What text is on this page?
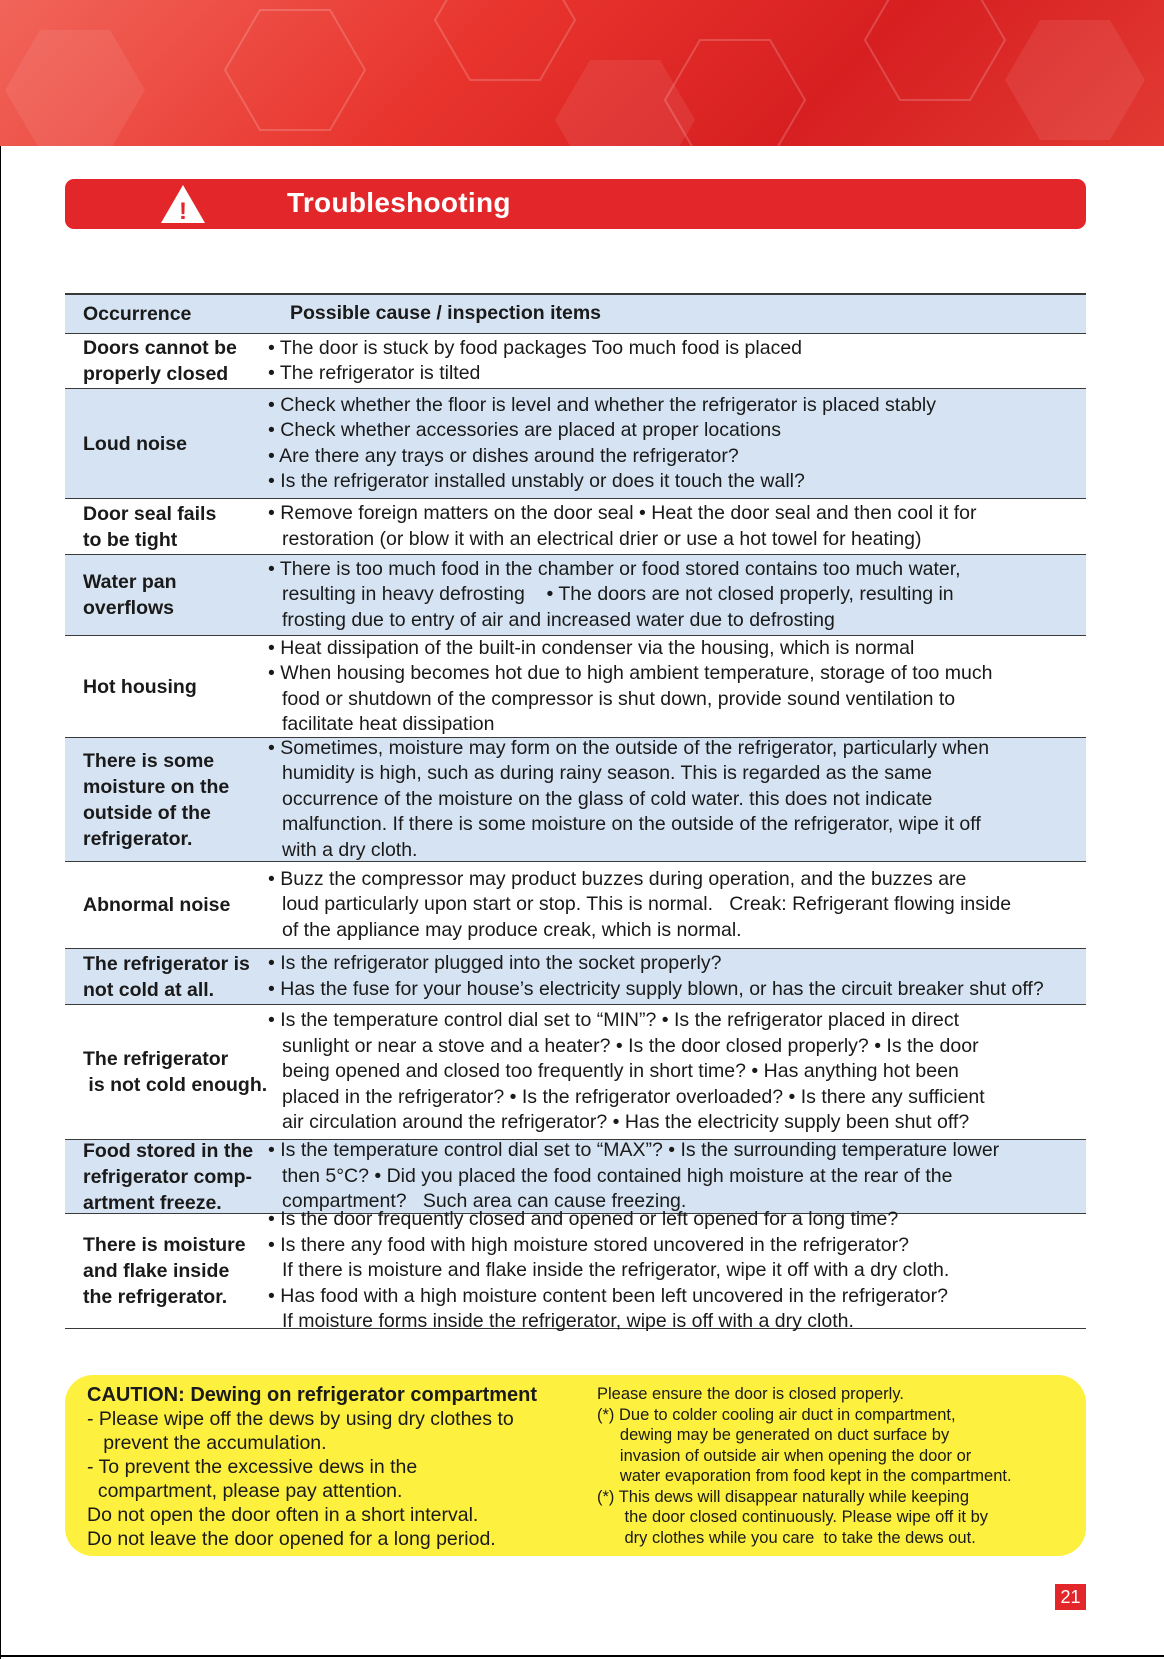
!	Troubleshooting
Occurrence	Possible cause / inspection items
Doors cannot be
properly closed
• The door is stuck by food packages Too much food is placed
• The refrigerator is tilted
Loud noise
• Check whether the floor is level and whether the refrigerator is placed stably
• Check whether accessories are placed at proper locations
• Are there any trays or dishes around the refrigerator?
• Is the refrigerator installed unstably or does it touch the wall?
Door seal fails
to be tight
• Remove foreign matters on the door seal • Heat the door seal and then cool it for
restoration (or blow it with an electrical drier or use a hot towel for heating)
Water pan
overflows
• There is too much food in the chamber or food stored contains too much water,
resulting in heavy defrosting    • The doors are not closed properly, resulting in
frosting due to entry of air and increased water due to defrosting
Hot housing
• Heat dissipation of the built-in condenser via the housing, which is normal
• When housing becomes hot due to high ambient temperature, storage of too much
food or shutdown of the compressor is shut down, provide sound ventilation to
facilitate heat dissipation
There is some
moisture on the
outside of the
refrigerator.
• Sometimes, moisture may form on the outside of the refrigerator, particularly when
humidity is high, such as during rainy season. This is regarded as the same
occurrence of the moisture on the glass of cold water. this does not indicate
malfunction. If there is some moisture on the outside of the refrigerator, wipe it off
with a dry cloth.
Abnormal noise
• Buzz the compressor may product buzzes during operation, and the buzzes are
loud particularly upon start or stop. This is normal.   Creak: Refrigerant flowing inside
of the appliance may produce creak, which is normal.
The refrigerator is
not cold at all.
• Is the refrigerator plugged into the socket properly?
• Has the fuse for your house’s electricity supply blown, or has the circuit breaker shut off?
The refrigerator
is not cold enough.
• Is the temperature control dial set to “MIN”? • Is the refrigerator placed in direct
sunlight or near a stove and a heater? • Is the door closed properly? • Is the door
being opened and closed too frequently in short time? • Has anything hot been
placed in the refrigerator? • Is the refrigerator overloaded? • Is there any sufficient
air circulation around the refrigerator? • Has the electricity supply been shut off?
Food stored in the
refrigerator comp-
artment freeze.
• Is the temperature control dial set to “MAX”? • Is the surrounding temperature lower
then 5°C? • Did you placed the food contained high moisture at the rear of the
compartment?   Such area can cause freezing.
There is moisture
and flake inside
the refrigerator.
• Is the door frequently closed and opened or left opened for a long time?
• Is there any food with high moisture stored uncovered in the refrigerator?
If there is moisture and flake inside the refrigerator, wipe it off with a dry cloth.
• Has food with a high moisture content been left uncovered in the refrigerator?
If moisture forms inside the refrigerator, wipe is off with a dry cloth.
CAUTION: Dewing on refrigerator compartment
- Please wipe off the dews by using dry clothes to
prevent the accumulation.
- To prevent the excessive dews in the
compartment, please pay attention.
Do not open the door often in a short interval.
Do not leave the door opened for a long period.
Please ensure the door is closed properly.
(*) Due to colder cooling air duct in compartment,
dewing may be generated on duct surface by
invasion of outside air when opening the door or
water evaporation from food kept in the compartment.
(*) This dews will disappear naturally while keeping
the door closed continuously. Please wipe off it by
dry clothes while you care  to take the dews out.
21
